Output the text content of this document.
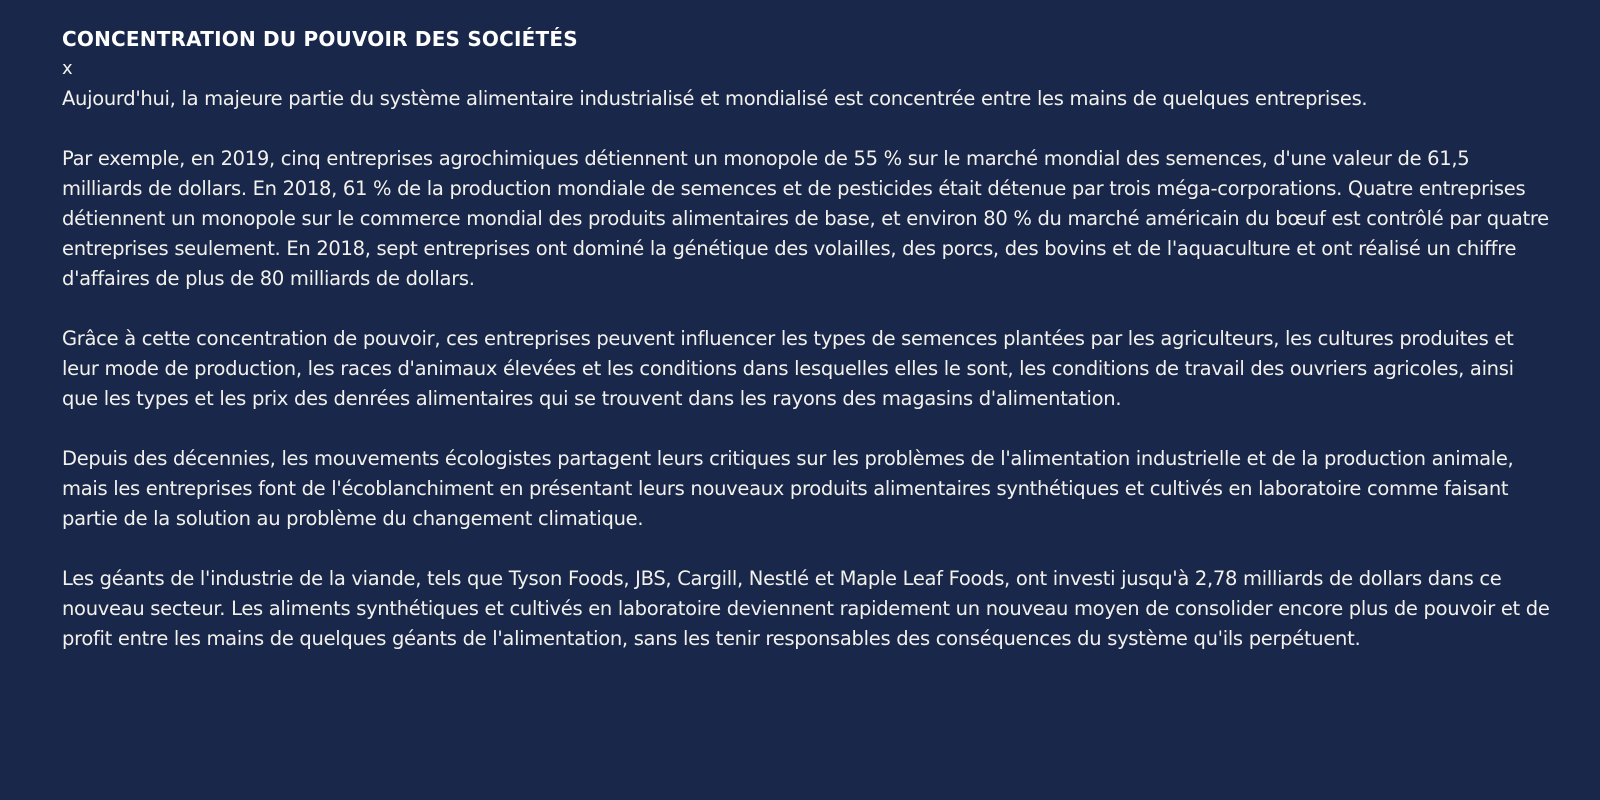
CONCENTRATION DU POUVOIR DES SOCIÉTÉS
x

Aujourd'hui, la majeure partie du système alimentaire industrialisé et mondialisé est concentrée entre les mains de quelques entreprises.

Par exemple, en 2019, cinq entreprises agrochimiques détiennent un monopole de 55 % sur le marché mondial des semences, d'une valeur de 61,5 milliards de dollars. En 2018, 61 % de la production mondiale de semences et de pesticides était détenue par trois méga-corporations. Quatre entreprises détiennent un monopole sur le commerce mondial des produits alimentaires de base, et environ 80 % du marché américain du bœuf est contrôlé par quatre entreprises seulement. En 2018, sept entreprises ont dominé la génétique des volailles, des porcs, des bovins et de l'aquaculture et ont réalisé un chiffre d'affaires de plus de 80 milliards de dollars.

Grâce à cette concentration de pouvoir, ces entreprises peuvent influencer les types de semences plantées par les agriculteurs, les cultures produites et leur mode de production, les races d'animaux élevées et les conditions dans lesquelles elles le sont, les conditions de travail des ouvriers agricoles, ainsi que les types et les prix des denrées alimentaires qui se trouvent dans les rayons des magasins d'alimentation.

Depuis des décennies, les mouvements écologistes partagent leurs critiques sur les problèmes de l'alimentation industrielle et de la production animale, mais les entreprises font de l'écoblanchiment en présentant leurs nouveaux produits alimentaires synthétiques et cultivés en laboratoire comme faisant partie de la solution au problème du changement climatique.

Les géants de l'industrie de la viande, tels que Tyson Foods, JBS, Cargill, Nestlé et Maple Leaf Foods, ont investi jusqu'à 2,78 milliards de dollars dans ce nouveau secteur. Les aliments synthétiques et cultivés en laboratoire deviennent rapidement un nouveau moyen de consolider encore plus de pouvoir et de profit entre les mains de quelques géants de l'alimentation, sans les tenir responsables des conséquences du système qu'ils perpétuent.
